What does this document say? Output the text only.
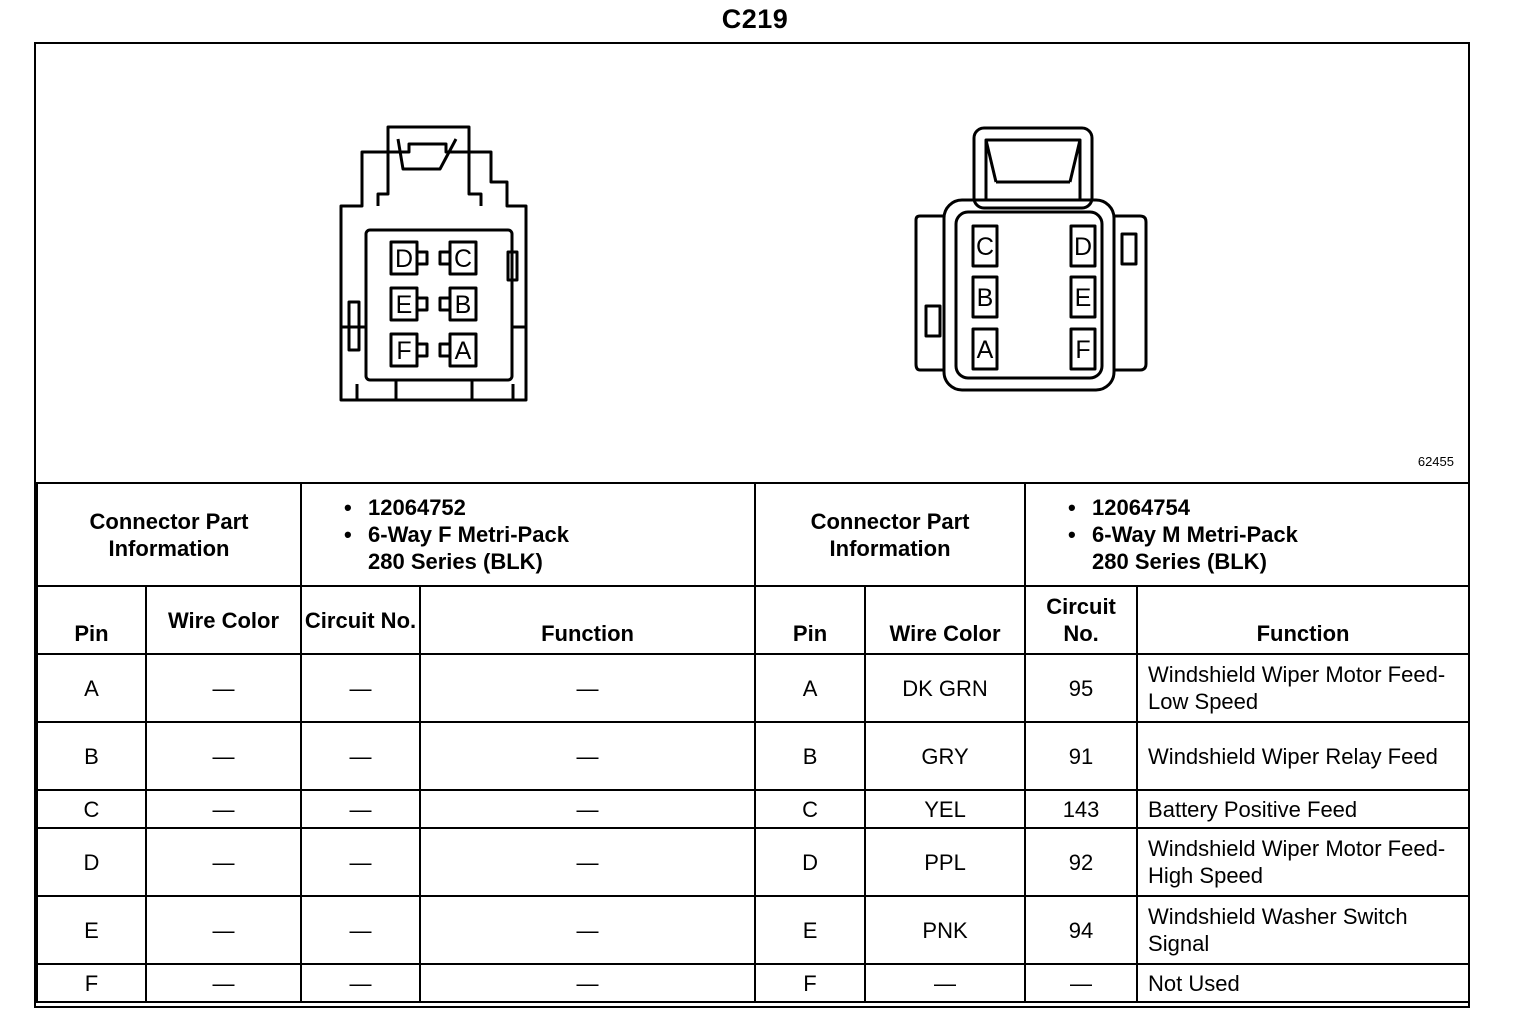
C219
D
E
F
C
B
A
C
B
A
D
E
F
62455
Connector Part Information		• 12064752
• 6-Way F Metri-Pack
280 Series (BLK)		Connector Part Information		• 12064754
• 6-Way M Metri-Pack
280 Series (BLK)	

Pin	Wire Color	Circuit No.	Function	Pin	Wire Color	Circuit No.	Function

A	—	—	—	A	DK GRN	95	Windshield Wiper Motor Feed-Low Speed
B	—	—	—	B	GRY	91	Windshield Wiper Relay Feed
C	—	—	—	C	YEL	143	Battery Positive Feed
D	—	—	—	D	PPL	92	Windshield Wiper Motor Feed-High Speed
E	—	—	—	E	PNK	94	Windshield Washer Switch Signal
F	—	—	—	F	—	—	Not Used
